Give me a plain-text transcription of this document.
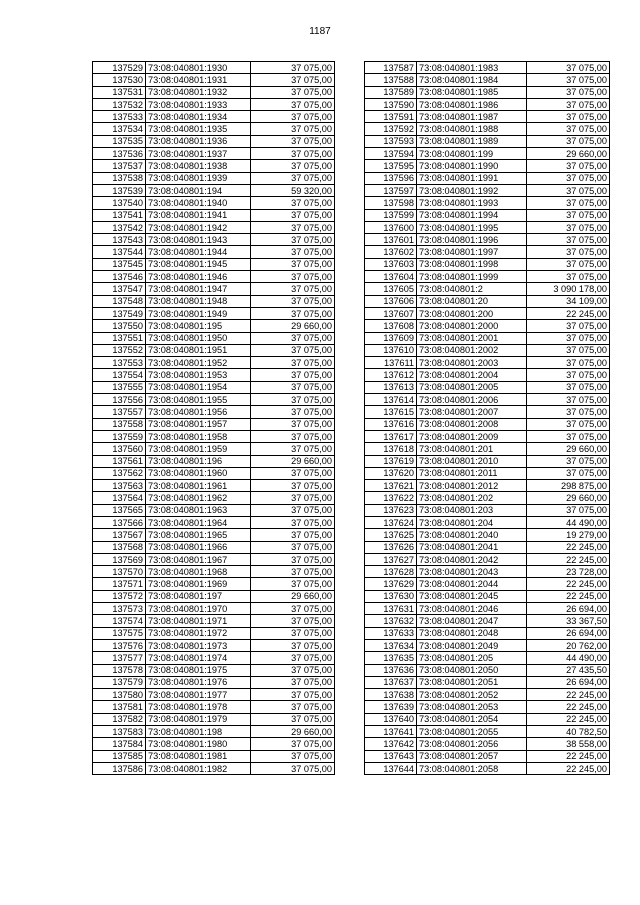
1187
137529	73:08:040801:1930	37 075,00
137530	73:08:040801:1931	37 075,00
137531	73:08:040801:1932	37 075,00
137532	73:08:040801:1933	37 075,00
137533	73:08:040801:1934	37 075,00
137534	73:08:040801:1935	37 075,00
137535	73:08:040801:1936	37 075,00
137536	73:08:040801:1937	37 075,00
137537	73:08:040801:1938	37 075,00
137538	73:08:040801:1939	37 075,00
137539	73:08:040801:194	59 320,00
137540	73:08:040801:1940	37 075,00
137541	73:08:040801:1941	37 075,00
137542	73:08:040801:1942	37 075,00
137543	73:08:040801:1943	37 075,00
137544	73:08:040801:1944	37 075,00
137545	73:08:040801:1945	37 075,00
137546	73:08:040801:1946	37 075,00
137547	73:08:040801:1947	37 075,00
137548	73:08:040801:1948	37 075,00
137549	73:08:040801:1949	37 075,00
137550	73:08:040801:195	29 660,00
137551	73:08:040801:1950	37 075,00
137552	73:08:040801:1951	37 075,00
137553	73:08:040801:1952	37 075,00
137554	73:08:040801:1953	37 075,00
137555	73:08:040801:1954	37 075,00
137556	73:08:040801:1955	37 075,00
137557	73:08:040801:1956	37 075,00
137558	73:08:040801:1957	37 075,00
137559	73:08:040801:1958	37 075,00
137560	73:08:040801:1959	37 075,00
137561	73:08:040801:196	29 660,00
137562	73:08:040801:1960	37 075,00
137563	73:08:040801:1961	37 075,00
137564	73:08:040801:1962	37 075,00
137565	73:08:040801:1963	37 075,00
137566	73:08:040801:1964	37 075,00
137567	73:08:040801:1965	37 075,00
137568	73:08:040801:1966	37 075,00
137569	73:08:040801:1967	37 075,00
137570	73:08:040801:1968	37 075,00
137571	73:08:040801:1969	37 075,00
137572	73:08:040801:197	29 660,00
137573	73:08:040801:1970	37 075,00
137574	73:08:040801:1971	37 075,00
137575	73:08:040801:1972	37 075,00
137576	73:08:040801:1973	37 075,00
137577	73:08:040801:1974	37 075,00
137578	73:08:040801:1975	37 075,00
137579	73:08:040801:1976	37 075,00
137580	73:08:040801:1977	37 075,00
137581	73:08:040801:1978	37 075,00
137582	73:08:040801:1979	37 075,00
137583	73:08:040801:198	29 660,00
137584	73:08:040801:1980	37 075,00
137585	73:08:040801:1981	37 075,00
137586	73:08:040801:1982	37 075,00
137587	73:08:040801:1983	37 075,00
137588	73:08:040801:1984	37 075,00
137589	73:08:040801:1985	37 075,00
137590	73:08:040801:1986	37 075,00
137591	73:08:040801:1987	37 075,00
137592	73:08:040801:1988	37 075,00
137593	73:08:040801:1989	37 075,00
137594	73:08:040801:199	29 660,00
137595	73:08:040801:1990	37 075,00
137596	73:08:040801:1991	37 075,00
137597	73:08:040801:1992	37 075,00
137598	73:08:040801:1993	37 075,00
137599	73:08:040801:1994	37 075,00
137600	73:08:040801:1995	37 075,00
137601	73:08:040801:1996	37 075,00
137602	73:08:040801:1997	37 075,00
137603	73:08:040801:1998	37 075,00
137604	73:08:040801:1999	37 075,00
137605	73:08:040801:2	3 090 178,00
137606	73:08:040801:20	34 109,00
137607	73:08:040801:200	22 245,00
137608	73:08:040801:2000	37 075,00
137609	73:08:040801:2001	37 075,00
137610	73:08:040801:2002	37 075,00
137611	73:08:040801:2003	37 075,00
137612	73:08:040801:2004	37 075,00
137613	73:08:040801:2005	37 075,00
137614	73:08:040801:2006	37 075,00
137615	73:08:040801:2007	37 075,00
137616	73:08:040801:2008	37 075,00
137617	73:08:040801:2009	37 075,00
137618	73:08:040801:201	29 660,00
137619	73:08:040801:2010	37 075,00
137620	73:08:040801:2011	37 075,00
137621	73:08:040801:2012	298 875,00
137622	73:08:040801:202	29 660,00
137623	73:08:040801:203	37 075,00
137624	73:08:040801:204	44 490,00
137625	73:08:040801:2040	19 279,00
137626	73:08:040801:2041	22 245,00
137627	73:08:040801:2042	22 245,00
137628	73:08:040801:2043	23 728,00
137629	73:08:040801:2044	22 245,00
137630	73:08:040801:2045	22 245,00
137631	73:08:040801:2046	26 694,00
137632	73:08:040801:2047	33 367,50
137633	73:08:040801:2048	26 694,00
137634	73:08:040801:2049	20 762,00
137635	73:08:040801:205	44 490,00
137636	73:08:040801:2050	27 435,50
137637	73:08:040801:2051	26 694,00
137638	73:08:040801:2052	22 245,00
137639	73:08:040801:2053	22 245,00
137640	73:08:040801:2054	22 245,00
137641	73:08:040801:2055	40 782,50
137642	73:08:040801:2056	38 558,00
137643	73:08:040801:2057	22 245,00
137644	73:08:040801:2058	22 245,00
